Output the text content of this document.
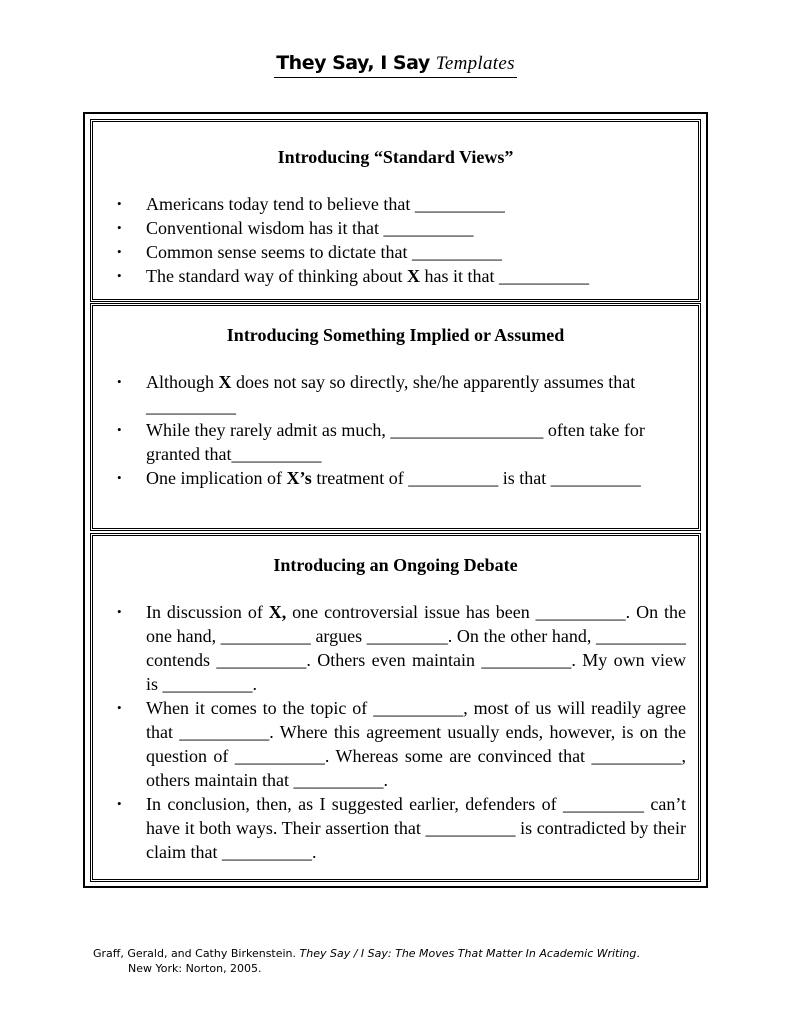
They Say, I Say Templates
Introducing “Standard Views”
• Americans today tend to believe that __________
• Conventional wisdom has it that __________
• Common sense seems to dictate that __________
• The standard way of thinking about X has it that __________
Introducing Something Implied or Assumed
• Although X does not say so directly, she/he apparently assumes that __________
• While they rarely admit as much, _________________ often take for granted that__________
• One implication of X’s treatment of __________ is that __________
Introducing an Ongoing Debate
• In discussion of X, one controversial issue has been __________. On the one hand, __________ argues _________. On the other hand, __________ contends __________. Others even maintain __________. My own view is __________.
• When it comes to the topic of __________, most of us will readily agree that __________. Where this agreement usually ends, however, is on the question of __________. Whereas some are convinced that __________, others maintain that __________.
• In conclusion, then, as I suggested earlier, defenders of _________ can’t have it both ways. Their assertion that __________ is contradicted by their claim that __________.
Graff, Gerald, and Cathy Birkenstein. They Say / I Say: The Moves That Matter In Academic Writing.
New York: Norton, 2005.
